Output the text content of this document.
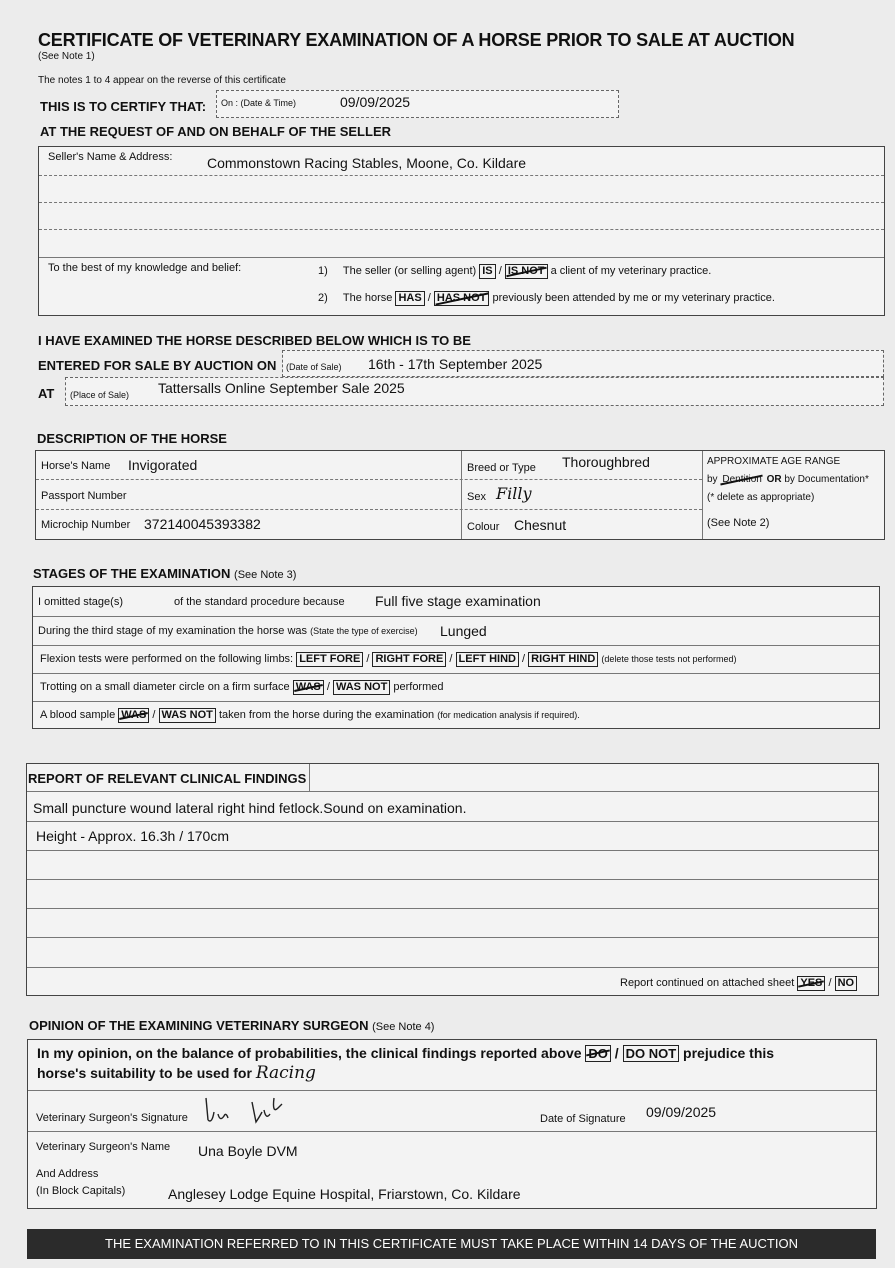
CERTIFICATE OF VETERINARY EXAMINATION OF A HORSE PRIOR TO SALE AT AUCTION
(See Note 1)
The notes 1 to 4 appear on the reverse of this certificate
THIS IS TO CERTIFY THAT: On : (Date & Time)	09/09/2025
AT THE REQUEST OF AND ON BEHALF OF THE SELLER
Seller's Name & Address: Commonstown Racing Stables, Moone, Co. Kildare
To the best of my knowledge and belief:	1) The seller (or selling agent) IS / IS NOT a client of my veterinary practice.
2) The horse HAS / HAS NOT previously been attended by me or my veterinary practice.
I HAVE EXAMINED THE HORSE DESCRIBED BELOW WHICH IS TO BE
ENTERED FOR SALE BY AUCTION ON (Date of Sale) 16th - 17th September 2025
AT (Place of Sale) Tattersalls Online September Sale 2025
DESCRIPTION OF THE HORSE
Horse's Name Invigorated
Passport Number
Microchip Number 372140045393382
Breed or Type Thoroughbred
Sex Filly
Colour Chesnut
APPROXIMATE AGE RANGE
by Dentition OR by Documentation*
(* delete as appropriate)
(See Note 2)
STAGES OF THE EXAMINATION (See Note 3)
I omitted stage(s)	of the standard procedure because Full five stage examination
During the third stage of my examination the horse was (State the type of exercise) Lunged
Flexion tests were performed on the following limbs: LEFT FORE / RIGHT FORE / LEFT HIND / RIGHT HIND (delete those tests not performed)
Trotting on a small diameter circle on a firm surface WAS / WAS NOT performed
A blood sample WAS / WAS NOT taken from the horse during the examination (for medication analysis if required).
REPORT OF RELEVANT CLINICAL FINDINGS
Small puncture wound lateral right hind fetlock.Sound on examination.
Height - Approx. 16.3h / 170cm
Report continued on attached sheet YES / NO
OPINION OF THE EXAMINING VETERINARY SURGEON (See Note 4)
In my opinion, on the balance of probabilities, the clinical findings reported above DO / DO NOT prejudice this
horse's suitability to be used for Racing
Veterinary Surgeon's Signature	Date of Signature 09/09/2025
Veterinary Surgeon's Name Una Boyle DVM
And Address
(In Block Capitals)	Anglesey Lodge Equine Hospital, Friarstown, Co. Kildare
THE EXAMINATION REFERRED TO IN THIS CERTIFICATE MUST TAKE PLACE WITHIN 14 DAYS OF THE AUCTION
